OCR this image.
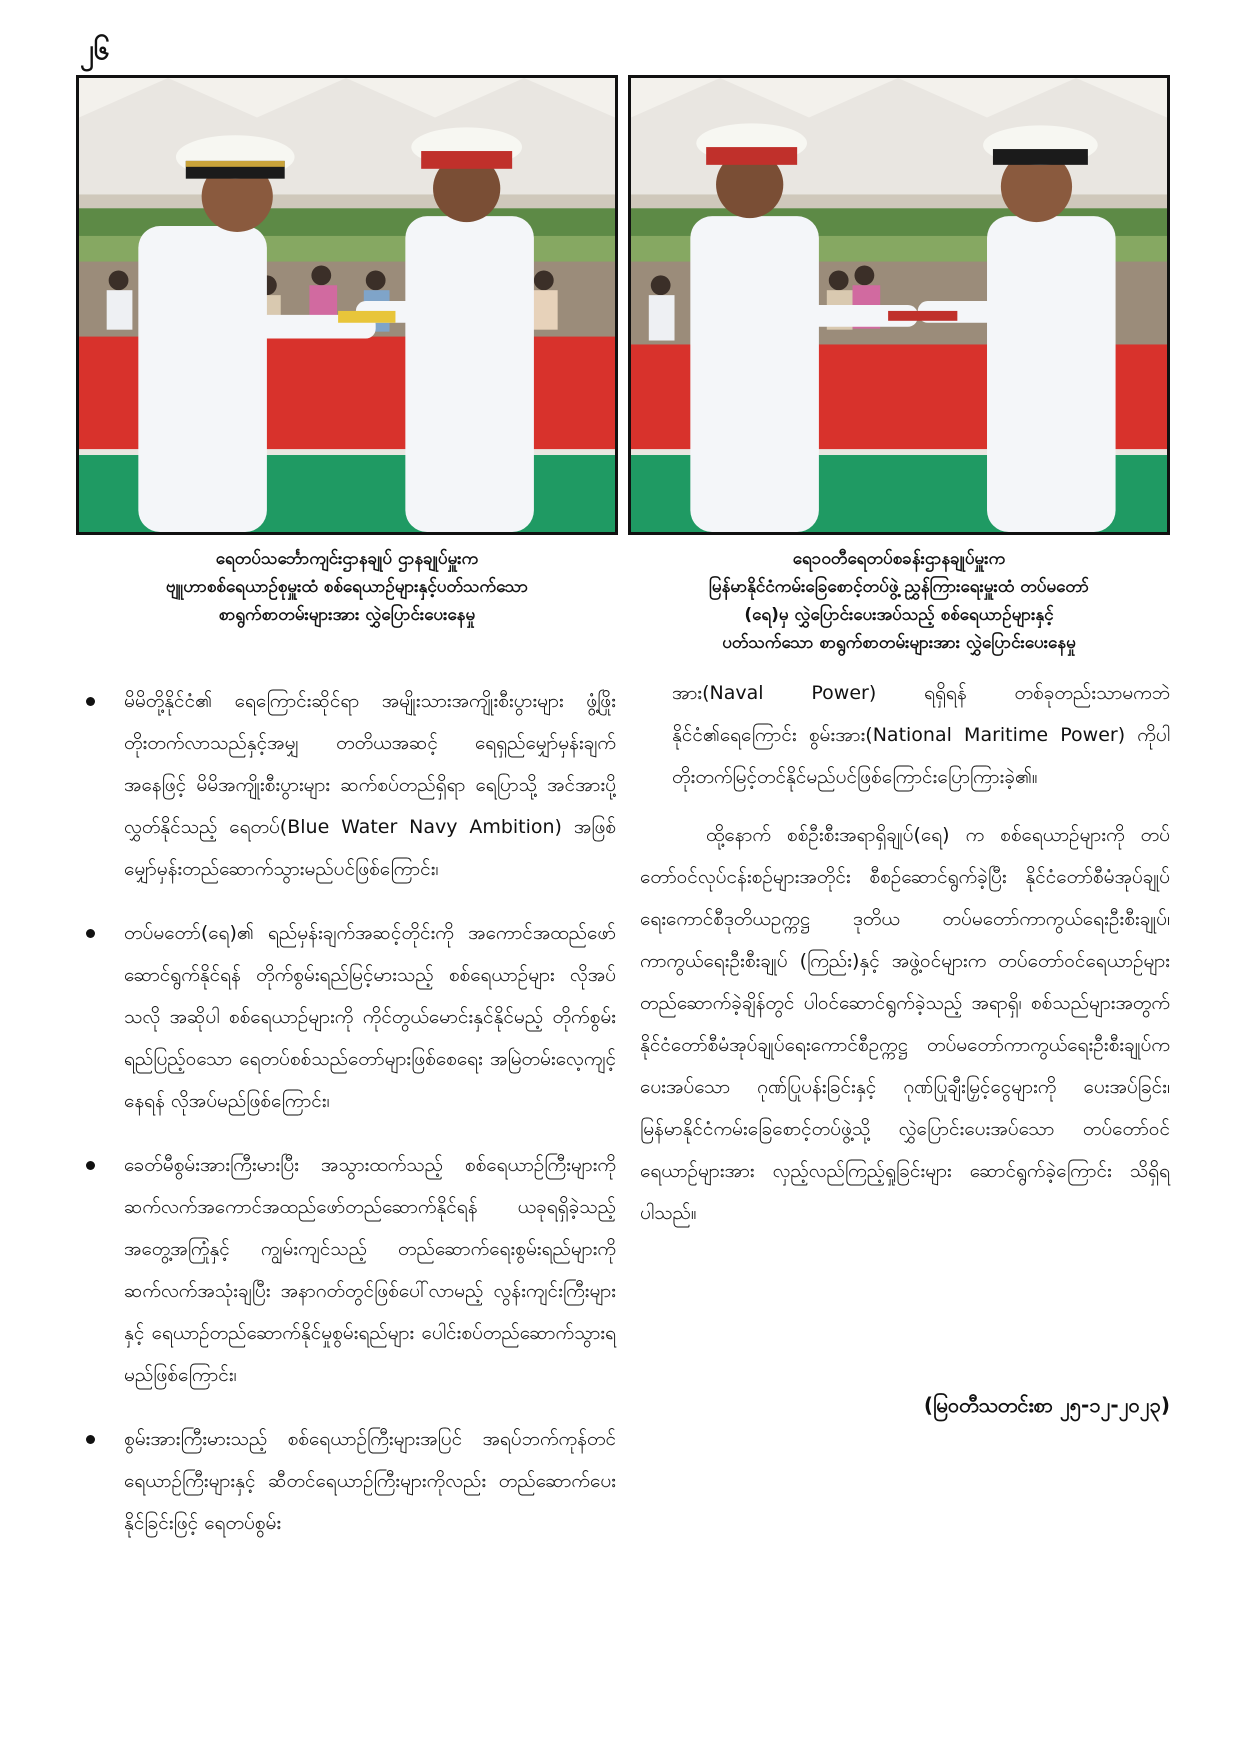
၂၆
ရေတပ်သင်္ဘောကျင်းဌာနချုပ် ဌာနချုပ်မှူးက
ဗျူဟာစစ်ရေယာဉ်စုမှူးထံ စစ်ရေယာဉ်များနှင့်ပတ်သက်သော
စာရွက်စာတမ်းများအား လွှဲပြောင်းပေးနေမှု
ရေ၁ဝတီရေတပ်စခန်းဌာနချုပ်မှူးက
မြန်မာနိုင်ငံကမ်းခြေစောင့်တပ်ဖွဲ့ ညွှန်ကြားရေးမှူးထံ တပ်မတော်
(ရေ)မှ လွှဲပြောင်းပေးအပ်သည့် စစ်ရေယာဉ်များနှင့်
ပတ်သက်သော စာရွက်စာတမ်းများအား လွှဲပြောင်းပေးနေမှု
မိမိတို့နိုင်ငံ၏ ရေကြောင်းဆိုင်ရာ အမျိုးသားအကျိုးစီးပွားများ ဖွံ့ဖြိုးတိုးတက်လာသည်နှင့်အမျှ တတိယအဆင့် ရေရှည်မျှော်မှန်းချက်အနေဖြင့် မိမိအကျိုးစီးပွားများ ဆက်စပ်တည်ရှိရာ ရေပြာသို့ အင်အားပို့လွှတ်နိုင်သည့် ရေတပ်(Blue Water Navy Ambition) အဖြစ် မျှော်မှန်းတည်ဆောက်သွားမည်ပင်ဖြစ်ကြောင်း၊
တပ်မတော်(ရေ)၏ ရည်မှန်းချက်အဆင့်တိုင်းကို အကောင်အထည်ဖော်ဆောင်ရွက်နိုင်ရန် တိုက်စွမ်းရည်မြင့်မားသည့် စစ်ရေယာဉ်များ လိုအပ်သလို အဆိုပါ စစ်ရေယာဉ်များကို ကိုင်တွယ်မောင်းနှင်နိုင်မည့် တိုက်စွမ်းရည်ပြည့်ဝသော ရေတပ်စစ်သည်တော်များဖြစ်စေရေး အမြဲတမ်းလေ့ကျင့်နေရန် လိုအပ်မည်ဖြစ်ကြောင်း၊
ခေတ်မီစွမ်းအားကြီးမားပြီး အသွားထက်သည့် စစ်ရေယာဉ်ကြီးများကို ဆက်လက်အကောင်အထည်ဖော်တည်ဆောက်နိုင်ရန် ယခုရရှိခဲ့သည့် အတွေ့အကြုံနှင့် ကျွမ်းကျင်သည့် တည်ဆောက်ရေးစွမ်းရည်များကို ဆက်လက်အသုံးချပြီး အနာဂတ်တွင်ဖြစ်ပေါ်လာမည့် လွန်းကျင်းကြီးများနှင့် ရေယာဉ်တည်ဆောက်နိုင်မှုစွမ်းရည်များ ပေါင်းစပ်တည်ဆောက်သွားရမည်ဖြစ်ကြောင်း၊
စွမ်းအားကြီးမားသည့် စစ်ရေယာဉ်ကြီးများအပြင် အရပ်ဘက်ကုန်တင်ရေယာဉ်ကြီးများနှင့် ဆီတင်ရေယာဉ်ကြီးများကိုလည်း တည်ဆောက်ပေးနိုင်ခြင်းဖြင့် ရေတပ်စွမ်း

အား(Naval Power) ရရှိရန် တစ်ခုတည်းသာမကဘဲ နိုင်ငံ၏ရေကြောင်း စွမ်းအား(National Maritime Power) ကိုပါ တိုးတက်မြင့်တင်နိုင်မည်ပင်ဖြစ်ကြောင်းပြောကြားခဲ့၏။

ထို့နောက် စစ်ဦးစီးအရာရှိချုပ်(ရေ) က စစ်ရေယာဉ်များကို တပ်တော်ဝင်လုပ်ငန်းစဉ်များအတိုင်း စီစဉ်ဆောင်ရွက်ခဲ့ပြီး နိုင်ငံတော်စီမံအုပ်ချုပ်ရေးကောင်စီဒုတိယဥက္ကဋ္ဌ ဒုတိယ တပ်မတော်ကာကွယ်ရေးဦးစီးချုပ်၊ ကာကွယ်ရေးဦးစီးချုပ် (ကြည်း)နှင့် အဖွဲ့ဝင်များက တပ်တော်ဝင်ရေယာဉ်များ တည်ဆောက်ခဲ့ချိန်တွင် ပါဝင်ဆောင်ရွက်ခဲ့သည့် အရာရှိ၊ စစ်သည်များအတွက် နိုင်ငံတော်စီမံအုပ်ချုပ်ရေးကောင်စီဥက္ကဋ္ဌ တပ်မတော်ကာကွယ်ရေးဦးစီးချုပ်က ပေးအပ်သော ဂုဏ်ပြုပန်းခြင်းနှင့် ဂုဏ်ပြုချီးမြှင့်ငွေများကို ပေးအပ်ခြင်း၊ မြန်မာနိုင်ငံကမ်းခြေစောင့်တပ်ဖွဲ့သို့ လွှဲပြောင်းပေးအပ်သော တပ်တော်ဝင်ရေယာဉ်များအား လှည့်လည်ကြည့်ရှုခြင်းများ ဆောင်ရွက်ခဲ့ကြောင်း သိရှိရပါသည်။

(မြဝတီသတင်းစာ ၂၅-၁၂-၂၀၂၃)
